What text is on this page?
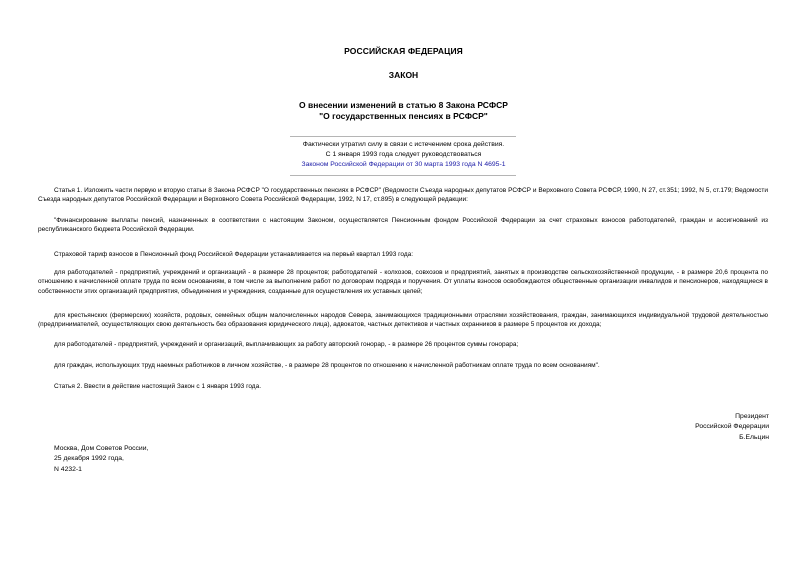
РОССИЙСКАЯ ФЕДЕРАЦИЯ
ЗАКОН
О внесении изменений в статью 8 Закона РСФСР
"О государственных пенсиях в РСФСР"
Фактически утратил силу в связи с истечением срока действия.
С 1 января 1993 года следует руководствоваться
Законом Российской Федерации от 30 марта 1993 года N 4695-1

Статья 1. Изложить части первую и вторую статьи 8 Закона РСФСР "О государственных пенсиях в РСФСР" (Ведомости Съезда народных депутатов РСФСР и Верховного Совета РСФСР, 1990, N 27, ст.351; 1992, N 5, ст.179; Ведомости Съезда народных депутатов Российской Федерации и Верховного Совета Российской Федерации, 1992, N 17, ст.895) в следующей редакции:

"Финансирование выплаты пенсий, назначенных в соответствии с настоящим Законом, осуществляется Пенсионным фондом Российской Федерации за счет страховых взносов работодателей, граждан и ассигнований из республиканского бюджета Российской Федерации.

Страховой тариф взносов в Пенсионный фонд Российской Федерации устанавливается на первый квартал 1993 года:

для работодателей - предприятий, учреждений и организаций - в размере 28 процентов; работодателей - колхозов, совхозов и предприятий, занятых в производстве сельскохозяйственной продукции, - в размере 20,6 процента по отношению к начисленной оплате труда по всем основаниям, в том числе за выполнение работ по договорам подряда и поручения. От уплаты взносов освобождаются общественные организации инвалидов и пенсионеров, находящиеся в собственности этих организаций предприятия, объединения и учреждения, созданные для осуществления их уставных целей;

для крестьянских (фермерских) хозяйств, родовых, семейных общин малочисленных народов Севера, занимающихся традиционными отраслями хозяйствования, граждан, занимающихся индивидуальной трудовой деятельностью (предпринимателей, осуществляющих свою деятельность без образования юридического лица), адвокатов, частных детективов и частных охранников в размере 5 процентов их дохода;

для работодателей - предприятий, учреждений и организаций, выплачивающих за работу авторский гонорар, - в размере 26 процентов суммы гонорара;

для граждан, использующих труд наемных работников в личном хозяйстве, - в размере 28 процентов по отношению к начисленной работникам оплате труда по всем основаниям".

Статья 2. Ввести в действие настоящий Закон с 1 января 1993 года.

Президент
Российской Федерации
Б.Ельцин
Москва, Дом Советов России,
25 декабря 1992 года,
N 4232-1
